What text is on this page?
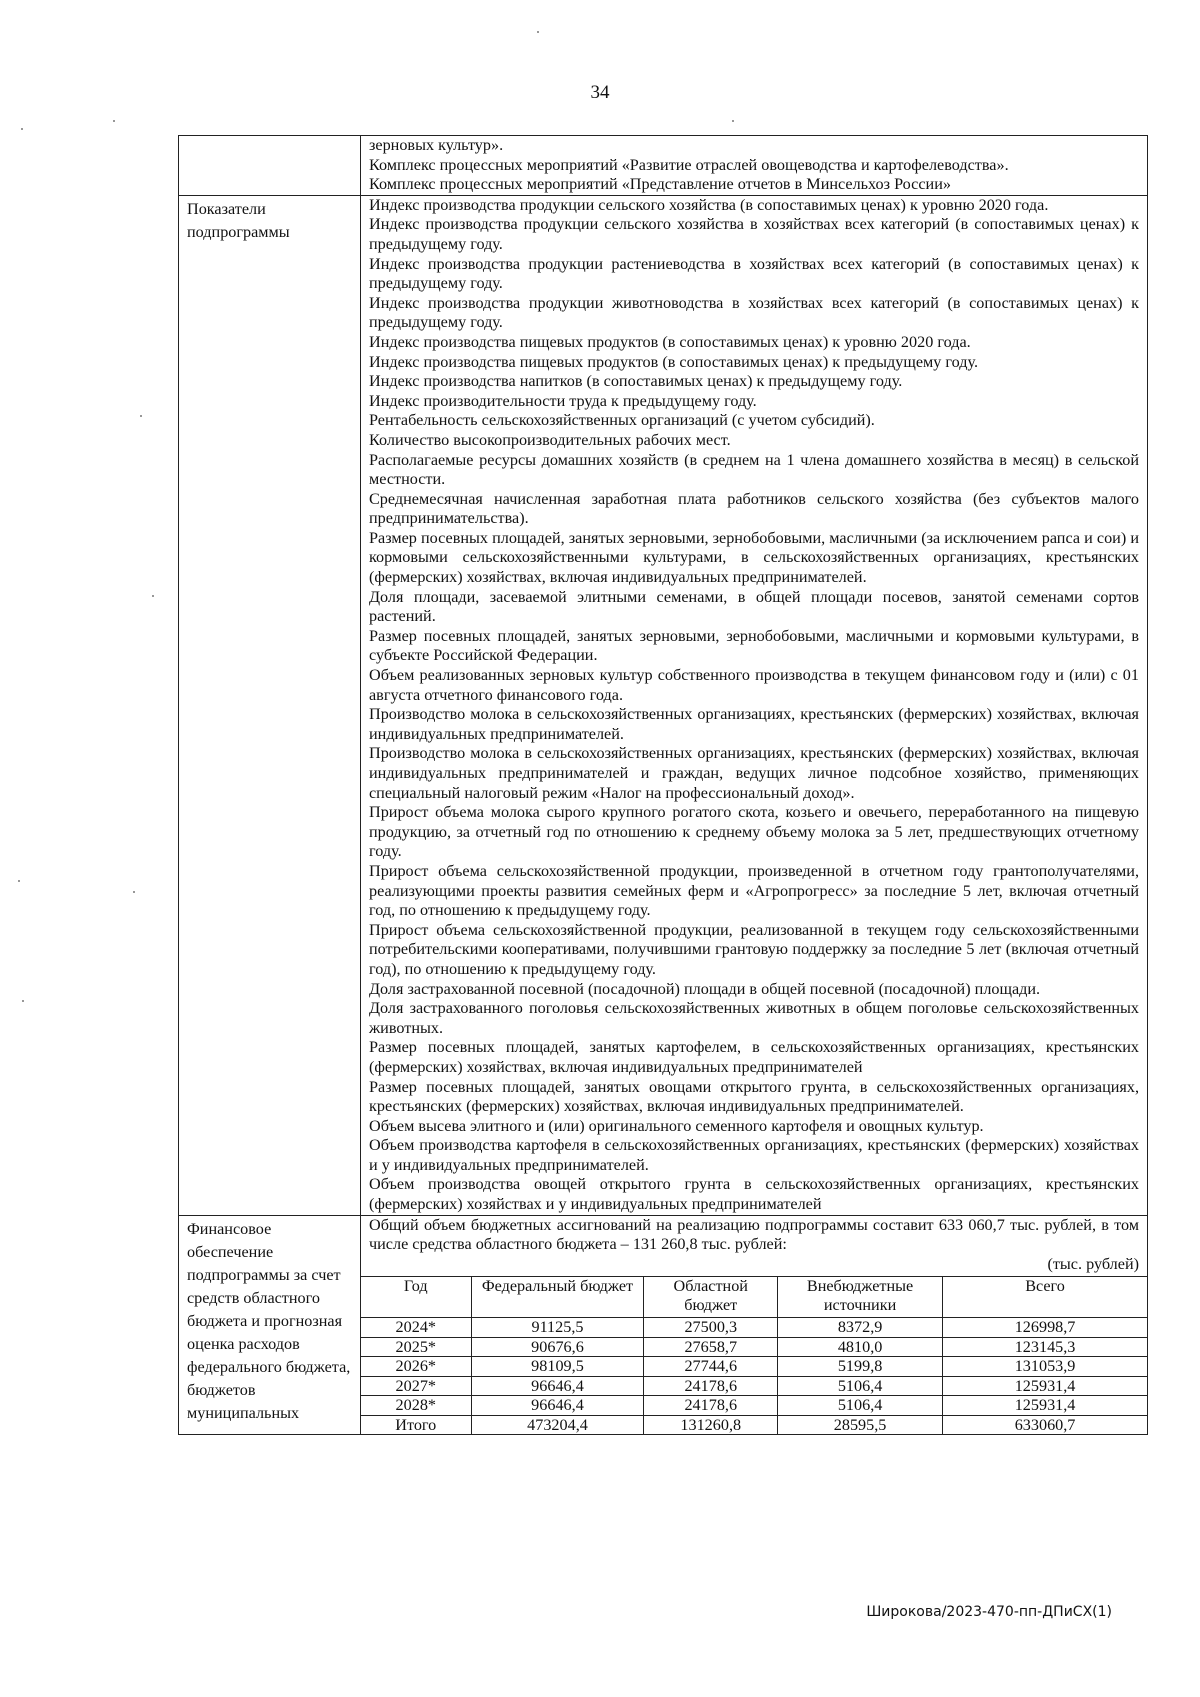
34

зерновых культур».
Комплекс процессных мероприятий «Развитие отраслей овощеводства и картофелеводства».
Комплекс процессных мероприятий «Представление отчетов в Минсельхоз России»

Показатели подпрограммы	
Индекс производства продукции сельского хозяйства (в сопоставимых ценах) к уровню 2020 года.
Индекс производства продукции сельского хозяйства в хозяйствах всех категорий (в сопоставимых ценах) к предыдущему году.
Индекс производства продукции растениеводства в хозяйствах всех категорий (в сопоставимых ценах) к предыдущему году.
Индекс производства продукции животноводства в хозяйствах всех категорий (в сопоставимых ценах) к предыдущему году.
Индекс производства пищевых продуктов (в сопоставимых ценах) к уровню 2020 года.
Индекс производства пищевых продуктов (в сопоставимых ценах) к предыдущему году.
Индекс производства напитков (в сопоставимых ценах) к предыдущему году.
Индекс производительности труда к предыдущему году.
Рентабельность сельскохозяйственных организаций (с учетом субсидий).
Количество высокопроизводительных рабочих мест.
Располагаемые ресурсы домашних хозяйств (в среднем на 1 члена домашнего хозяйства в месяц) в сельской местности.
Среднемесячная начисленная заработная плата работников сельского хозяйства (без субъектов малого предпринимательства).
Размер посевных площадей, занятых зерновыми, зернобобовыми, масличными (за исключением рапса и сои) и кормовыми сельскохозяйственными культурами, в сельскохозяйственных организациях, крестьянских (фермерских) хозяйствах, включая индивидуальных предпринимателей.
Доля площади, засеваемой элитными семенами, в общей площади посевов, занятой семенами сортов растений.
Размер посевных площадей, занятых зерновыми, зернобобовыми, масличными и кормовыми культурами, в субъекте Российской Федерации.
Объем реализованных зерновых культур собственного производства в текущем финансовом году и (или) с 01 августа отчетного финансового года.
Производство молока в сельскохозяйственных организациях, крестьянских (фермерских) хозяйствах, включая индивидуальных предпринимателей.
Производство молока в сельскохозяйственных организациях, крестьянских (фермерских) хозяйствах, включая индивидуальных предпринимателей и граждан, ведущих личное подсобное хозяйство, применяющих специальный налоговый режим «Налог на профессиональный доход».
Прирост объема молока сырого крупного рогатого скота, козьего и овечьего, переработанного на пищевую продукцию, за отчетный год по отношению к среднему объему молока за 5 лет, предшествующих отчетному году.
Прирост объема сельскохозяйственной продукции, произведенной в отчетном году грантополучателями, реализующими проекты развития семейных ферм и «Агропрогресс» за последние 5 лет, включая отчетный год, по отношению к предыдущему году.
Прирост объема сельскохозяйственной продукции, реализованной в текущем году сельскохозяйственными потребительскими кооперативами, получившими грантовую поддержку за последние 5 лет (включая отчетный год), по отношению к предыдущему году.
Доля застрахованной посевной (посадочной) площади в общей посевной (посадочной) площади.
Доля застрахованного поголовья сельскохозяйственных животных в общем поголовье сельскохозяйственных животных.
Размер посевных площадей, занятых картофелем, в сельскохозяйственных организациях, крестьянских (фермерских) хозяйствах, включая индивидуальных предпринимателей
Размер посевных площадей, занятых овощами открытого грунта, в сельскохозяйственных организациях, крестьянских (фермерских) хозяйствах, включая индивидуальных предпринимателей.
Объем высева элитного и (или) оригинального семенного картофеля и овощных культур.
Объем производства картофеля в сельскохозяйственных организациях, крестьянских (фермерских) хозяйствах и у индивидуальных предпринимателей.
Объем производства овощей открытого грунта в сельскохозяйственных организациях, крестьянских (фермерских) хозяйствах и у индивидуальных предпринимателей

Финансовое обеспечение подпрограммы за счет средств областного бюджета и прогнозная оценка расходов федерального бюджета, бюджетов муниципальных	
Общий объем бюджетных ассигнований на реализацию подпрограммы составит 633 060,7 тыс. рублей, в том числе средства областного бюджета – 131 260,8 тыс. рублей:
(тыс. рублей)
Год	Федеральный бюджет	Областной бюджет	Внебюджетные источники	Всего
2024*	91125,5	27500,3	8372,9	126998,7
2025*	90676,6	27658,7	4810,0	123145,3
2026*	98109,5	27744,6	5199,8	131053,9
2027*	96646,4	24178,6	5106,4	125931,4
2028*	96646,4	24178,6	5106,4	125931,4
Итого	473204,4	131260,8	28595,5	633060,7
Широкова/2023-470-пп-ДПиСХ(1)
